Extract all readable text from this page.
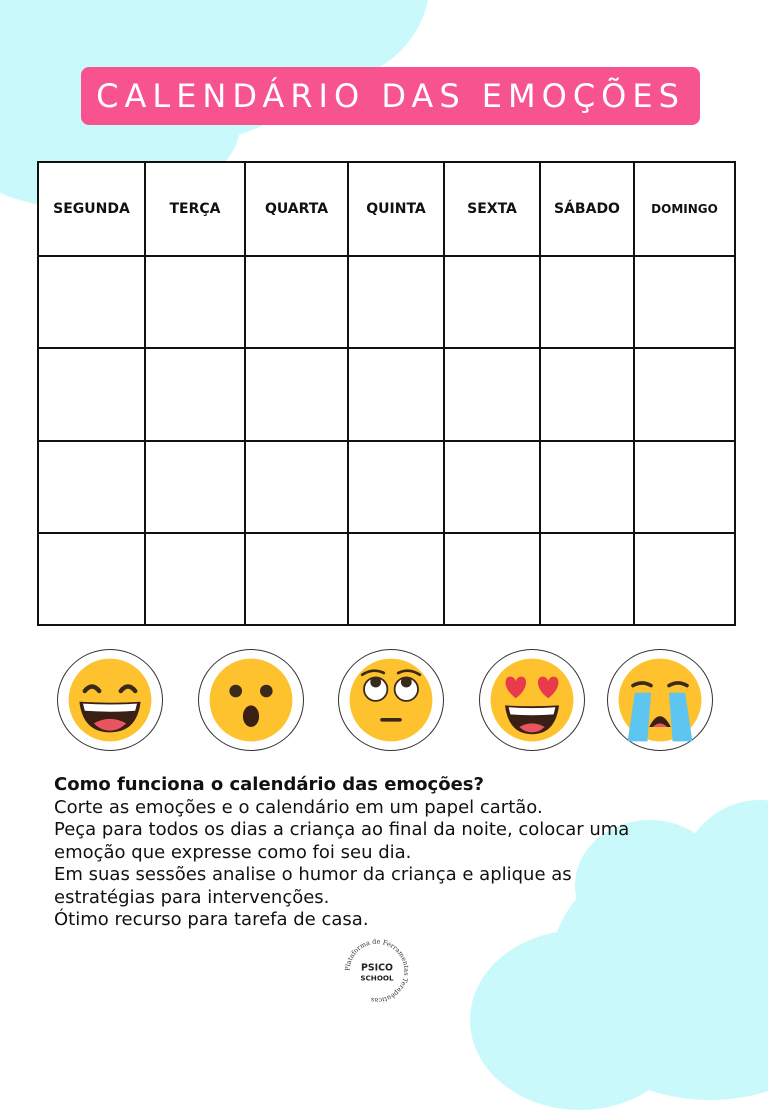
CALENDÁRIO DAS EMOÇÕES
SEGUNDA	TERÇA	QUARTA	QUINTA	SEXTA	SÁBADO	DOMINGO

Como funciona o calendário das emoções?
Corte as emoções e o calendário em um papel cartão.
Peça para todos os dias a criança ao final da noite, colocar uma
emoção que expresse como foi seu dia.
Em suas sessões analise o humor da criança e aplique as
estratégias para intervenções.
Ótimo recurso para tarefa de casa.
Plataforma de Ferramentas Terapêuticas
PSICO
SCHOOL
